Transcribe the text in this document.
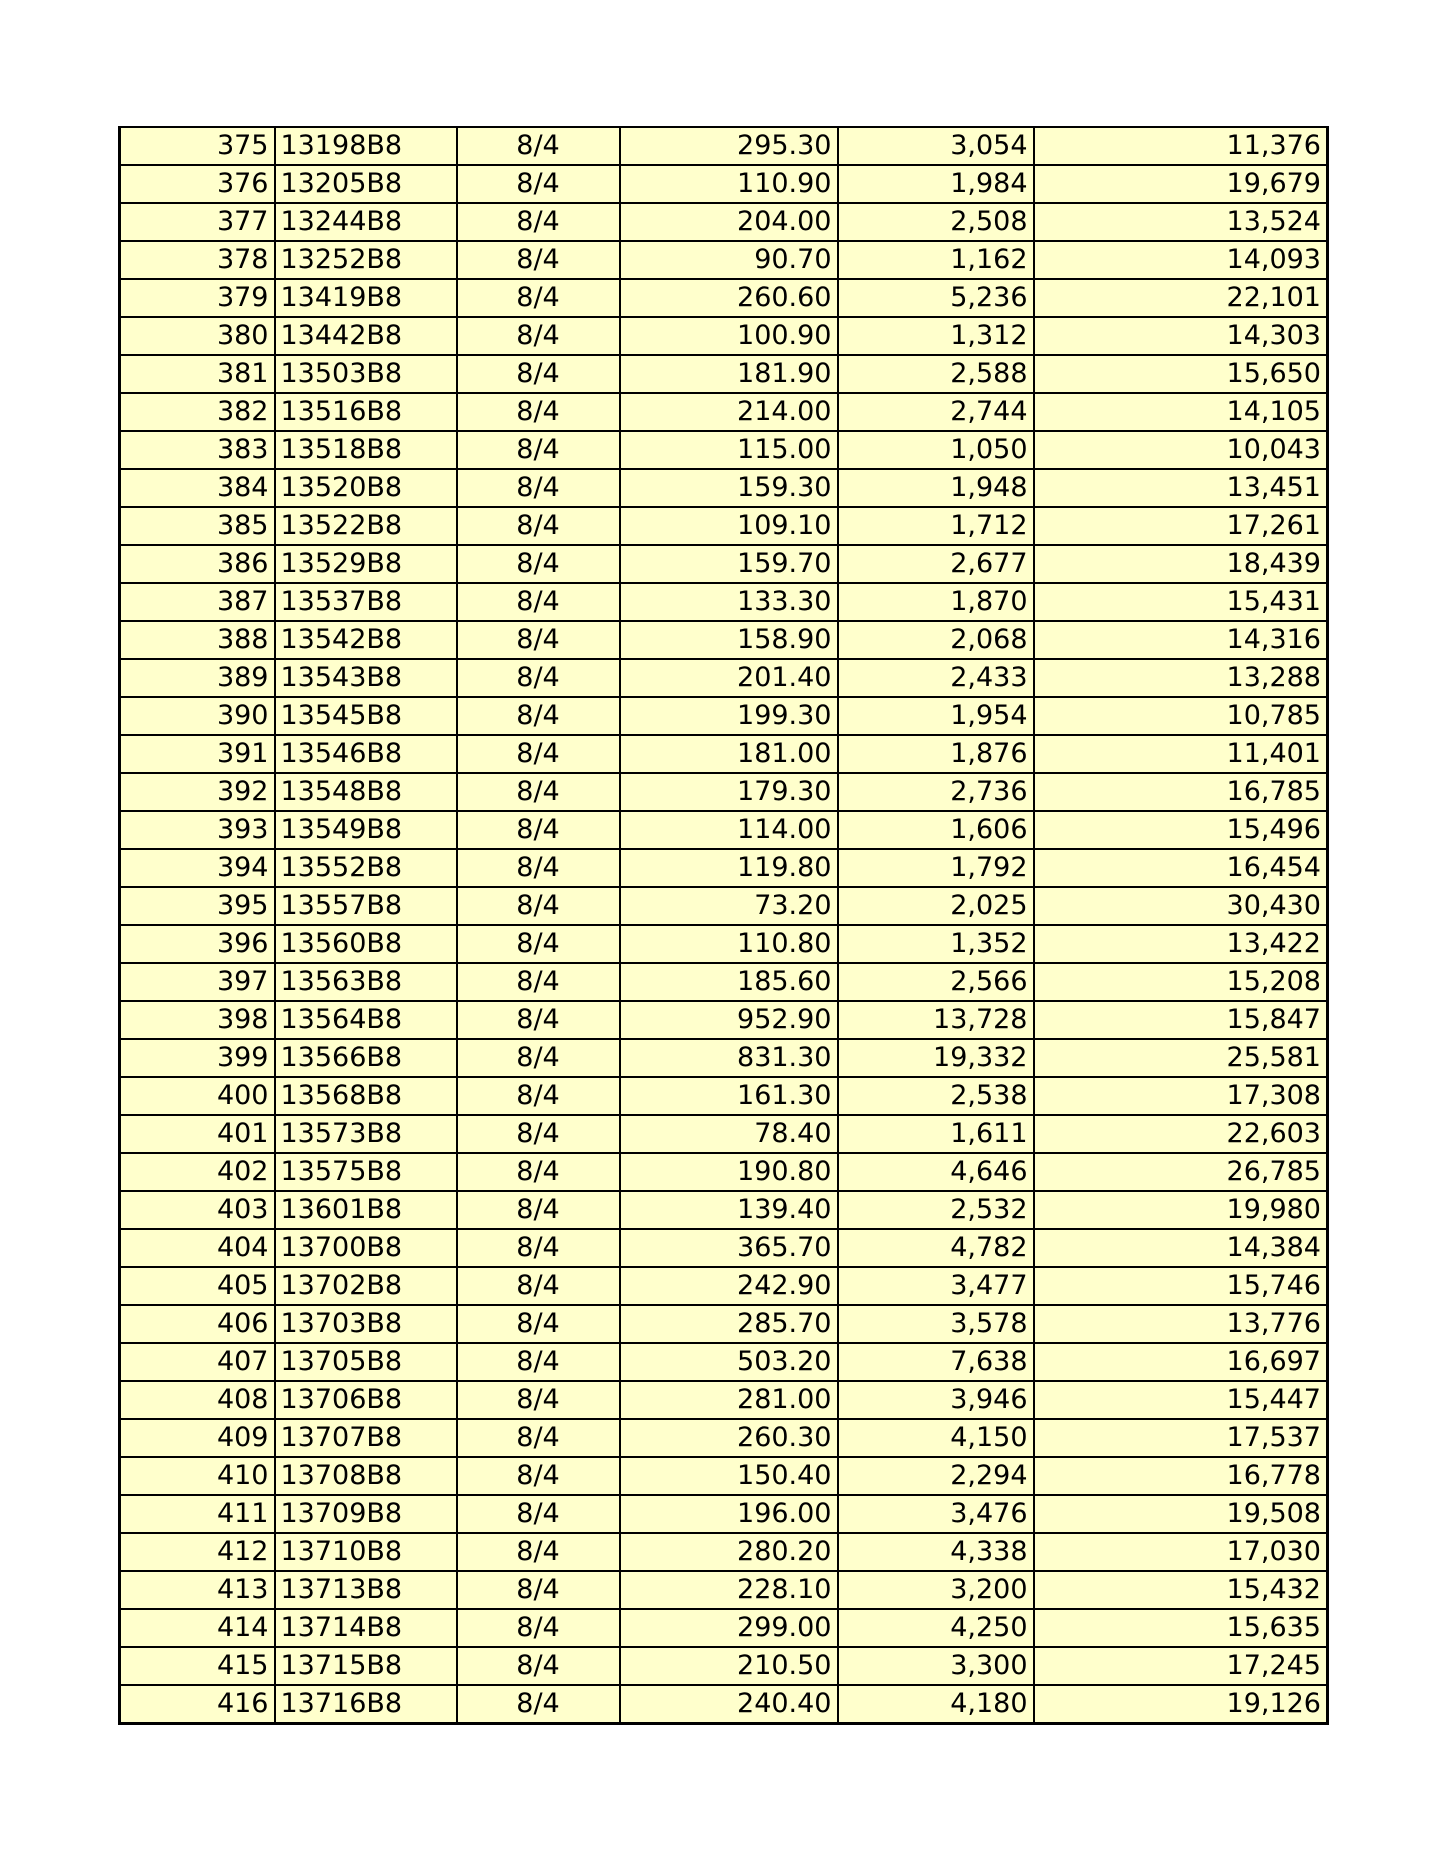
375	13198B8	8/4	295.30	3,054	11,376
376	13205B8	8/4	110.90	1,984	19,679
377	13244B8	8/4	204.00	2,508	13,524
378	13252B8	8/4	90.70	1,162	14,093
379	13419B8	8/4	260.60	5,236	22,101
380	13442B8	8/4	100.90	1,312	14,303
381	13503B8	8/4	181.90	2,588	15,650
382	13516B8	8/4	214.00	2,744	14,105
383	13518B8	8/4	115.00	1,050	10,043
384	13520B8	8/4	159.30	1,948	13,451
385	13522B8	8/4	109.10	1,712	17,261
386	13529B8	8/4	159.70	2,677	18,439
387	13537B8	8/4	133.30	1,870	15,431
388	13542B8	8/4	158.90	2,068	14,316
389	13543B8	8/4	201.40	2,433	13,288
390	13545B8	8/4	199.30	1,954	10,785
391	13546B8	8/4	181.00	1,876	11,401
392	13548B8	8/4	179.30	2,736	16,785
393	13549B8	8/4	114.00	1,606	15,496
394	13552B8	8/4	119.80	1,792	16,454
395	13557B8	8/4	73.20	2,025	30,430
396	13560B8	8/4	110.80	1,352	13,422
397	13563B8	8/4	185.60	2,566	15,208
398	13564B8	8/4	952.90	13,728	15,847
399	13566B8	8/4	831.30	19,332	25,581
400	13568B8	8/4	161.30	2,538	17,308
401	13573B8	8/4	78.40	1,611	22,603
402	13575B8	8/4	190.80	4,646	26,785
403	13601B8	8/4	139.40	2,532	19,980
404	13700B8	8/4	365.70	4,782	14,384
405	13702B8	8/4	242.90	3,477	15,746
406	13703B8	8/4	285.70	3,578	13,776
407	13705B8	8/4	503.20	7,638	16,697
408	13706B8	8/4	281.00	3,946	15,447
409	13707B8	8/4	260.30	4,150	17,537
410	13708B8	8/4	150.40	2,294	16,778
411	13709B8	8/4	196.00	3,476	19,508
412	13710B8	8/4	280.20	4,338	17,030
413	13713B8	8/4	228.10	3,200	15,432
414	13714B8	8/4	299.00	4,250	15,635
415	13715B8	8/4	210.50	3,300	17,245
416	13716B8	8/4	240.40	4,180	19,126
